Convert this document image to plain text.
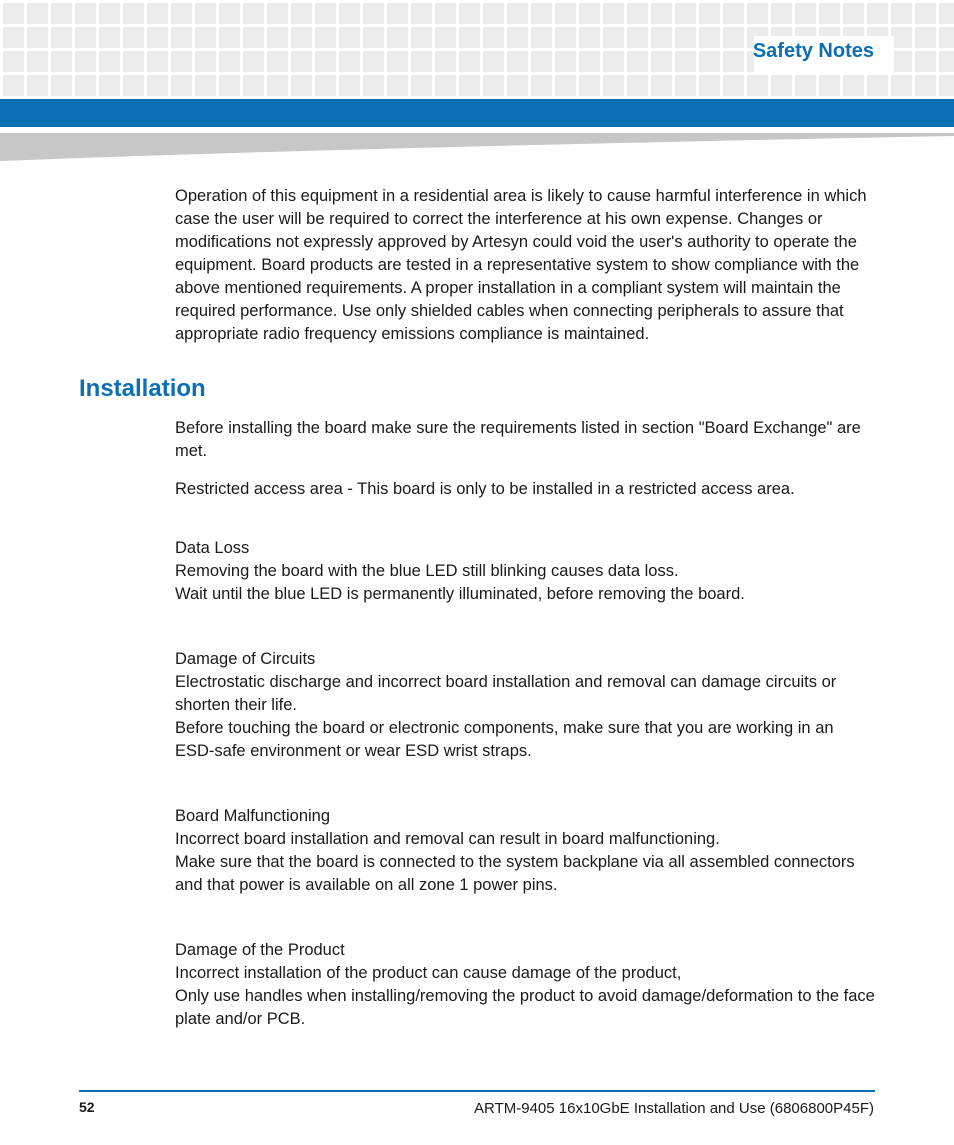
Safety Notes
Operation of this equipment in a residential area is likely to cause harmful interference in which case the user will be required to correct the interference at his own expense. Changes or modifications not expressly approved by Artesyn could void the user's authority to operate the equipment. Board products are tested in a representative system to show compliance with the above mentioned requirements. A proper installation in a compliant system will maintain the required performance. Use only shielded cables when connecting peripherals to assure that appropriate radio frequency emissions compliance is maintained.
Installation
Before installing the board make sure the requirements listed in section "Board Exchange" are met.
Restricted access area - This board is only to be installed in a restricted access area.

Data Loss

Removing the board with the blue LED still blinking causes data loss.

Wait until the blue LED is permanently illuminated, before removing the board.

Damage of Circuits

Electrostatic discharge and incorrect board installation and removal can damage circuits or shorten their life.

Before touching the board or electronic components, make sure that you are working in an ESD-safe environment or wear ESD wrist straps.

Board Malfunctioning

Incorrect board installation and removal can result in board malfunctioning.

Make sure that the board is connected to the system backplane via all assembled connectors and that power is available on all zone 1 power pins.

Damage of the Product

Incorrect installation of the product can cause damage of the product,

Only use handles when installing/removing the product to avoid damage/deformation to the face plate and/or PCB.

52	ARTM-9405 16x10GbE Installation and Use (6806800P45F)
